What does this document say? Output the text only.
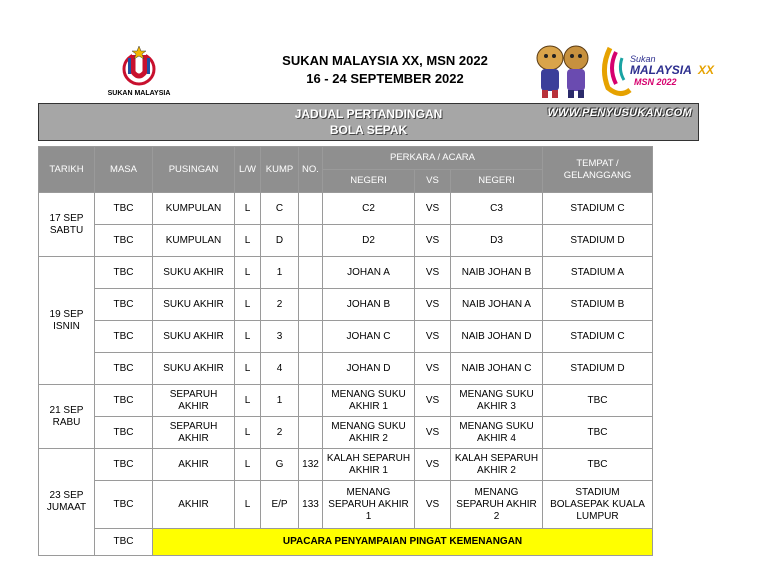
SUKAN MALAYSIA XX, MSN 2022
16 - 24 SEPTEMBER 2022
SUKAN MALAYSIA
Sukan
MALAYSIA XX
MSN 2022
JADUAL PERTANDINGAN
BOLA SEPAK
WWW.PENYUSUKAN.COM
TARIKH	MASA	PUSINGAN	L/W	KUMP	NO.	PERKARA / ACARA			TEMPAT / GELANGGANG
						NEGERI	VS	NEGERI	
17 SEP SABTU	TBC	KUMPULAN	L	C		C2	VS	C3	STADIUM C
	TBC	KUMPULAN	L	D		D2	VS	D3	STADIUM D
19 SEP ISNIN	TBC	SUKU AKHIR	L	1		JOHAN A	VS	NAIB JOHAN B	STADIUM A
	TBC	SUKU AKHIR	L	2		JOHAN B	VS	NAIB JOHAN A	STADIUM B
	TBC	SUKU AKHIR	L	3		JOHAN C	VS	NAIB JOHAN D	STADIUM C
	TBC	SUKU AKHIR	L	4		JOHAN D	VS	NAIB JOHAN C	STADIUM D
21 SEP RABU	TBC	SEPARUH AKHIR	L	1		MENANG SUKU AKHIR 1	VS	MENANG SUKU AKHIR 3	TBC
	TBC	SEPARUH AKHIR	L	2		MENANG SUKU AKHIR 2	VS	MENANG SUKU AKHIR 4	TBC
23 SEP JUMAAT	TBC	AKHIR	L	G	132	KALAH SEPARUH AKHIR 1	VS	KALAH SEPARUH AKHIR 2	TBC
	TBC	AKHIR	L	E/P	133	MENANG SEPARUH AKHIR 1	VS	MENANG SEPARUH AKHIR 2	STADIUM BOLASEPAK KUALA LUMPUR
	TBC	UPACARA PENYAMPAIAN PINGAT KEMENANGAN							
